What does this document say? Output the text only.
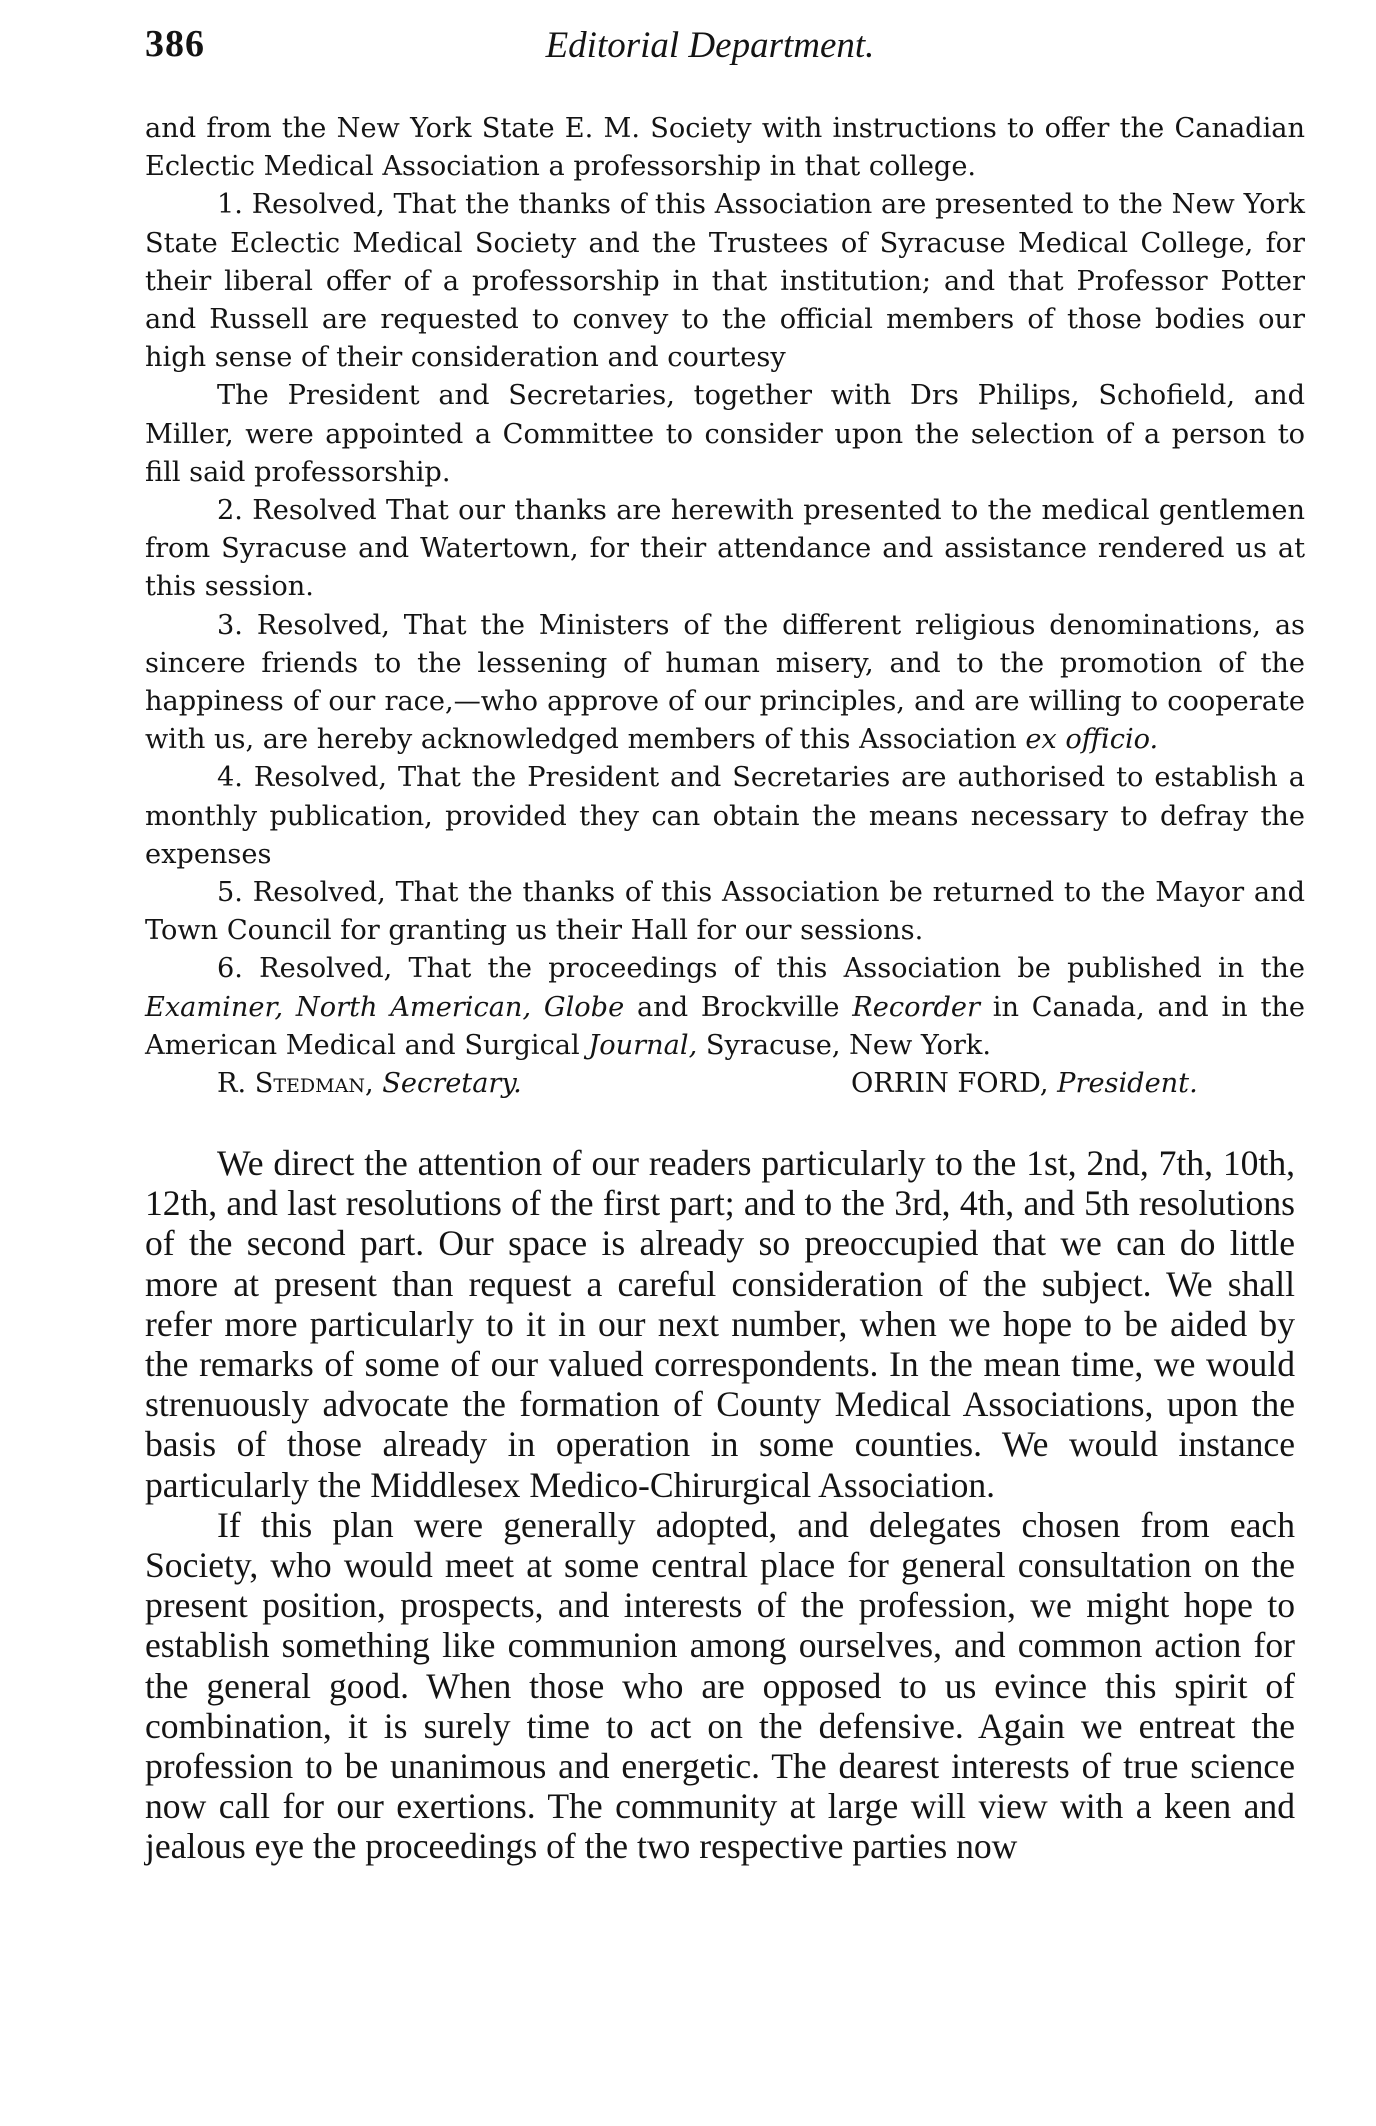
386	Editorial Department.

and from the New York State E. M. Society with instructions to offer the Canadian Eclectic Medical Association a professorship in that college.

1. Resolved, That the thanks of this Association are presented to the New York State Eclectic Medical Society and the Trustees of Syracuse Medical College, for their liberal offer of a professorship in that institution; and that Professor Potter and Russell are requested to convey to the official members of those bodies our high sense of their consideration and courtesy

The President and Secretaries, together with Drs Philips, Schofield, and Miller, were appointed a Committee to consider upon the selection of a person to fill said professorship.

2. Resolved That our thanks are herewith presented to the medical gentlemen from Syracuse and Watertown, for their attendance and assistance rendered us at this session.

3. Resolved, That the Ministers of the different religious denominations, as sincere friends to the lessening of human misery, and to the promotion of the happiness of our race,—who approve of our principles, and are willing to cooperate with us, are hereby acknowledged members of this Association ex officio.

4. Resolved, That the President and Secretaries are authorised to establish a monthly publication, provided they can obtain the means necessary to defray the expenses

5. Resolved, That the thanks of this Association be returned to the Mayor and Town Council for granting us their Hall for our sessions.

6. Resolved, That the proceedings of this Association be published in the Examiner, North American, Globe and Brockville Recorder in Canada, and in the American Medical and Surgical Journal, Syracuse, New York.

R. Stedman, Secretary.	ORRIN FORD, President.

We direct the attention of our readers particularly to the 1st, 2nd, 7th, 10th, 12th, and last resolutions of the first part; and to the 3rd, 4th, and 5th resolutions of the second part. Our space is already so preoccupied that we can do little more at present than request a careful consideration of the subject. We shall refer more particularly to it in our next number, when we hope to be aided by the remarks of some of our valued correspondents. In the mean time, we would strenuously advocate the formation of County Medical Associations, upon the basis of those already in operation in some counties. We would instance particularly the Middlesex Medico-Chirurgical Association.

If this plan were generally adopted, and delegates chosen from each Society, who would meet at some central place for general consultation on the present position, prospects, and interests of the profession, we might hope to establish something like communion among ourselves, and common action for the general good. When those who are opposed to us evince this spirit of combination, it is surely time to act on the defensive. Again we entreat the profession to be unanimous and energetic. The dearest interests of true science now call for our exertions. The community at large will view with a keen and jealous eye the proceedings of the two respective parties now
